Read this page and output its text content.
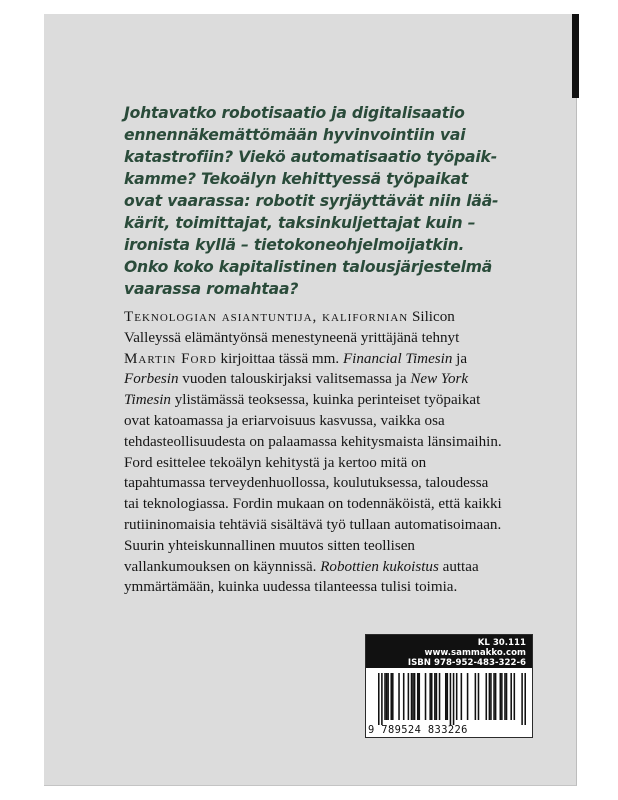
Johtavatko robotisaatio ja digitalisaatio
ennennäkemättömään hyvinvointiin vai
katastrofiin? Viekö automatisaatio työpaik-
kamme? Tekoälyn kehittyessä työpaikat
ovat vaarassa: robotit syrjäyttävät niin lää-
kärit, toimittajat, taksinkuljettajat kuin –
ironista kyllä – tietokoneohjelmoijatkin.
Onko koko kapitalistinen talousjärjestelmä
vaarassa romahtaa?

Teknologian asiantuntija, kalifornian Silicon Valleyssä elämäntyönsä menestyneenä yrittäjänä tehnyt Martin Ford kirjoittaa tässä mm. Financial Timesin ja Forbesin vuoden talouskirjaksi valitsemassa ja New York Timesin ylistämässä teoksessa, kuinka perinteiset työpaikat ovat katoamassa ja eriarvoisuus kasvussa, vaikka osa tehdasteollisuudesta on palaamassa kehitysmaista länsimaihin. Ford esittelee tekoälyn kehitystä ja kertoo mitä on tapahtumassa terveydenhuollossa, koulutuksessa, taloudessa tai teknologiassa. Fordin mukaan on todennäköistä, että kaikki rutiininomaisia tehtäviä sisältävä työ tullaan automatisoimaan. Suurin yhteiskunnallinen muutos sitten teollisen vallankumouksen on käynnissä. Robottien kukoistus auttaa ymmärtämään, kuinka uudessa tilanteessa tulisi toimia.

KL 30.111
www.sammakko.com
ISBN 978-952-483-322-6
9 789524 833226
